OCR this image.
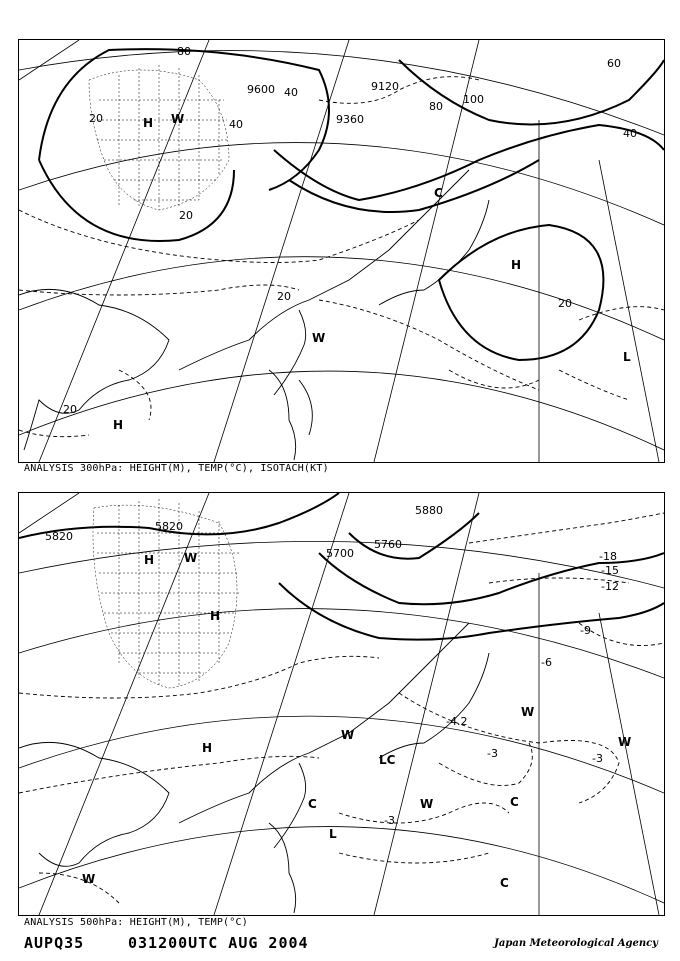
9600	9120
9360
80
40
20
80
100
40
20
20
20
40
20
60
H W
C
H
W
L
H
ANALYSIS 300hPa: HEIGHT(M), TEMP(°C), ISOTACH(KT)
5820
5820
5700
5760
5880
-18
-15
-12
-9
-6
-3
-3
-3
-4.2
H W
H
H
W
W
LC
C	W	C
W
L
W	C
ANALYSIS 500hPa: HEIGHT(M), TEMP(°C)
AUPQ35	031200UTC AUG 2004	Japan Meteorological Agency
